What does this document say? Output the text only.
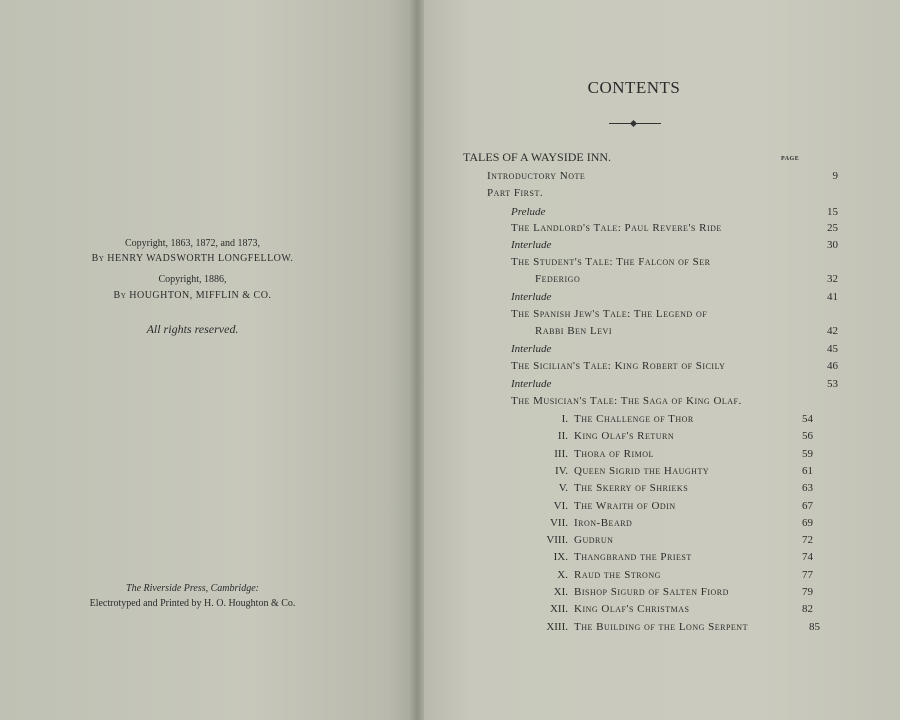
Copyright, 1863, 1872, and 1873,
By HENRY WADSWORTH LONGFELLOW.
Copyright, 1886,
By HOUGHTON, MIFFLIN & CO.
All rights reserved.
The Riverside Press, Cambridge:
Electrotyped and Printed by H. O. Houghton & Co.
CONTENTS
TALES OF A WAYSIDE INN.	PAGE
Introductory Note	9
Part First.
Prelude	15
The Landlord's Tale: Paul Revere's Ride	25
Interlude	30
The Student's Tale: The Falcon of Ser
Federigo	32
Interlude	41
The Spanish Jew's Tale: The Legend of
Rabbi Ben Levi	42
Interlude	45
The Sicilian's Tale: King Robert of Sicily	46
Interlude	53
The Musician's Tale: The Saga of King Olaf.
I. The Challenge of Thor	54
II. King Olaf's Return	56
III. Thora of Rimol	59
IV. Queen Sigrid the Haughty	61
V. The Skerry of Shrieks	63
VI. The Wraith of Odin	67
VII. Iron-Beard	69
VIII. Gudrun	72
IX. Thangbrand the Priest	74
X. Raud the Strong	77
XI. Bishop Sigurd of Salten Fiord	79
XII. King Olaf's Christmas	82
XIII. The Building of the Long Serpent	85
